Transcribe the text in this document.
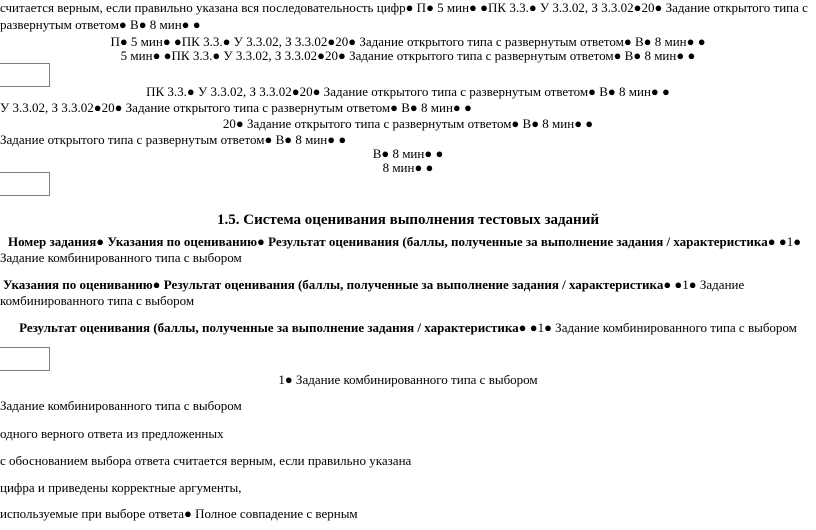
считается верным, если правильно указана вся последовательность цифр● П● 5 мин● ●ПК 3.3.● У 3.3.02, З 3.3.02●20● Задание открытого типа с
развернутым ответом● В● 8 мин● ●
П● 5 мин● ●ПК 3.3.● У 3.3.02, З 3.3.02●20● Задание открытого типа с развернутым ответом● В● 8 мин● ●
5 мин● ●ПК 3.3.● У 3.3.02, З 3.3.02●20● Задание открытого типа с развернутым ответом● В● 8 мин● ●
ПК 3.3.● У 3.3.02, З 3.3.02●20● Задание открытого типа с развернутым ответом● В● 8 мин● ●
У 3.3.02, З 3.3.02●20● Задание открытого типа с развернутым ответом● В● 8 мин● ●
20● Задание открытого типа с развернутым ответом● В● 8 мин● ●
Задание открытого типа с развернутым ответом● В● 8 мин● ●
В● 8 мин● ●
8 мин● ●
1.5. Система оценивания выполнения тестовых заданий
Номер задания● Указания по оцениванию● Результат оценивания (баллы, полученные за выполнение задания / характеристика● ●1● Задание комбинированного типа с выбором
Указания по оцениванию● Результат оценивания (баллы, полученные за выполнение задания / характеристика● ●1● Задание комбинированного типа с выбором
Результат оценивания (баллы, полученные за выполнение задания / характеристика● ●1● Задание комбинированного типа с выбором
1● Задание комбинированного типа с выбором
Задание комбинированного типа с выбором
одного верного ответа из предложенных
с обоснованием выбора ответа считается верным, если правильно указана
цифра и приведены корректные аргументы,
используемые при выборе ответа● Полное совпадение с верным
